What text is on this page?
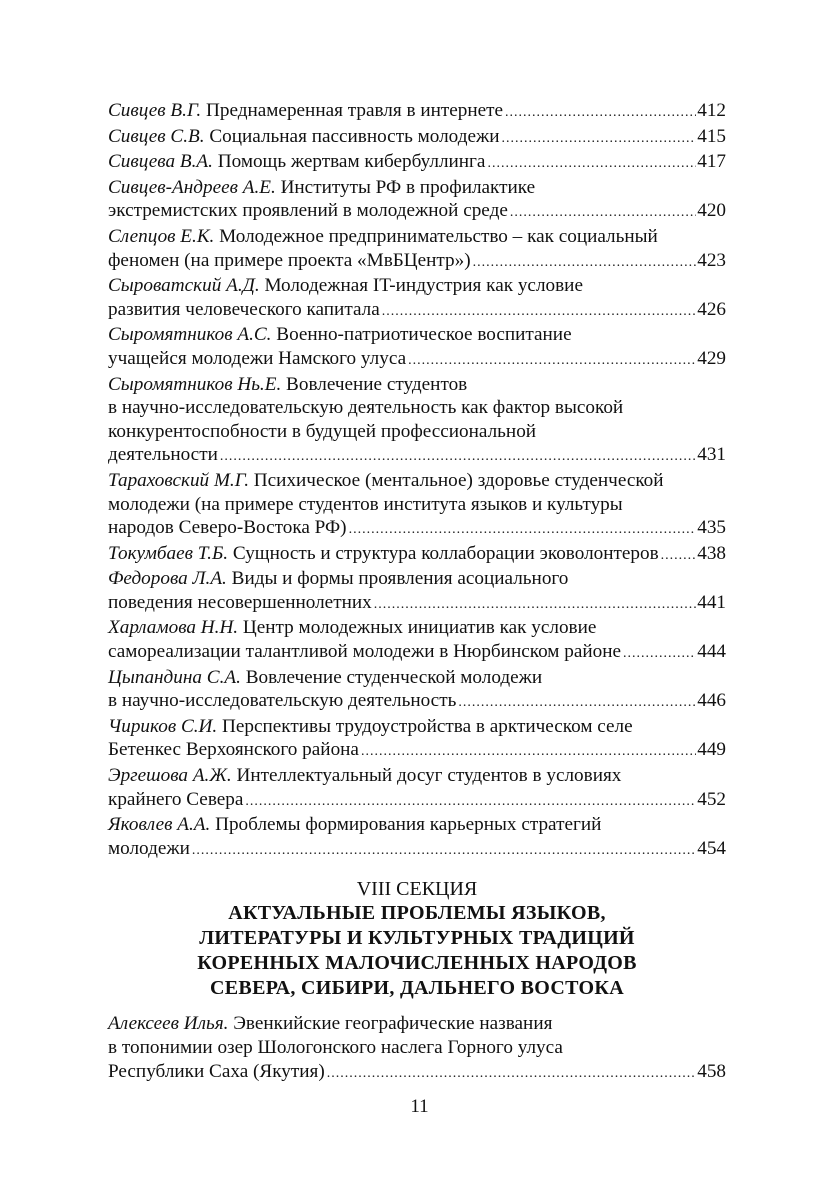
Сивцев В.Г.
Преднамеренная травля в интернете .....	412
Сивцев С.В.
Социальная пассивность молодежи .....	415
Сивцева В.А.
Помощь жертвам кибербуллинга .....	417
Сивцев-Андреев А.Е.
Институты РФ в профилактике
экстремистских проявлений в молодежной среде .....	420
Слепцов Е.К.
Молодежное предпринимательство – как социальный
феномен (на примере проекта «МвБЦентр») .....	423
Сыроватский А.Д.
Молодежная IT-индустрия как условие
развития человеческого капитала .....	426
Сыромятников А.С.
Военно-патриотическое воспитание
учащейся молодежи Намского улуса .....	429
Сыромятников Нь.Е.
Вовлечение студентов
в научно-исследовательскую деятельность как фактор высокой
конкурентоспобности в будущей профессиональной
деятельности .....	431
Тараховский М.Г.
Психическое (ментальное) здоровье студенческой
молодежи (на примере студентов института языков и культуры
народов Северо-Востока РФ) .....	435
Токумбаев Т.Б.
Сущность и структура коллаборации эковолонтеров ..... 438
Федорова Л.А.
Виды и формы проявления асоциального
поведения несовершеннолетних .....	441
Харламова Н.Н.
Центр молодежных инициатив как условие
самореализации талантливой молодежи в Нюрбинском районе .....	444
Цыпандина С.А.
Вовлечение студенческой молодежи
в научно-исследовательскую деятельность .....	446
Чириков С.И.
Перспективы трудоустройства в арктическом селе
Бетенкес Верхоянского района .....	449
Эргешова А.Ж.
Интеллектуальный досуг студентов в условиях
крайнего Севера .....	452
Яковлев А.А.
Проблемы формирования карьерных стратегий
молодежи .....	454
VIII СЕКЦИЯ
АКТУАЛЬНЫЕ ПРОБЛЕМЫ ЯЗЫКОВ,
ЛИТЕРАТУРЫ И КУЛЬТУРНЫХ ТРАДИЦИЙ
КОРЕННЫХ МАЛОЧИСЛЕННЫХ НАРОДОВ
СЕВЕРА, СИБИРИ, ДАЛЬНЕГО ВОСТОКА
Алексеев Илья.
Эвенкийские географические названия
в топонимии озер Шологонского наслега Горного улуса
Республики Саха (Якутия) .....	458
11
